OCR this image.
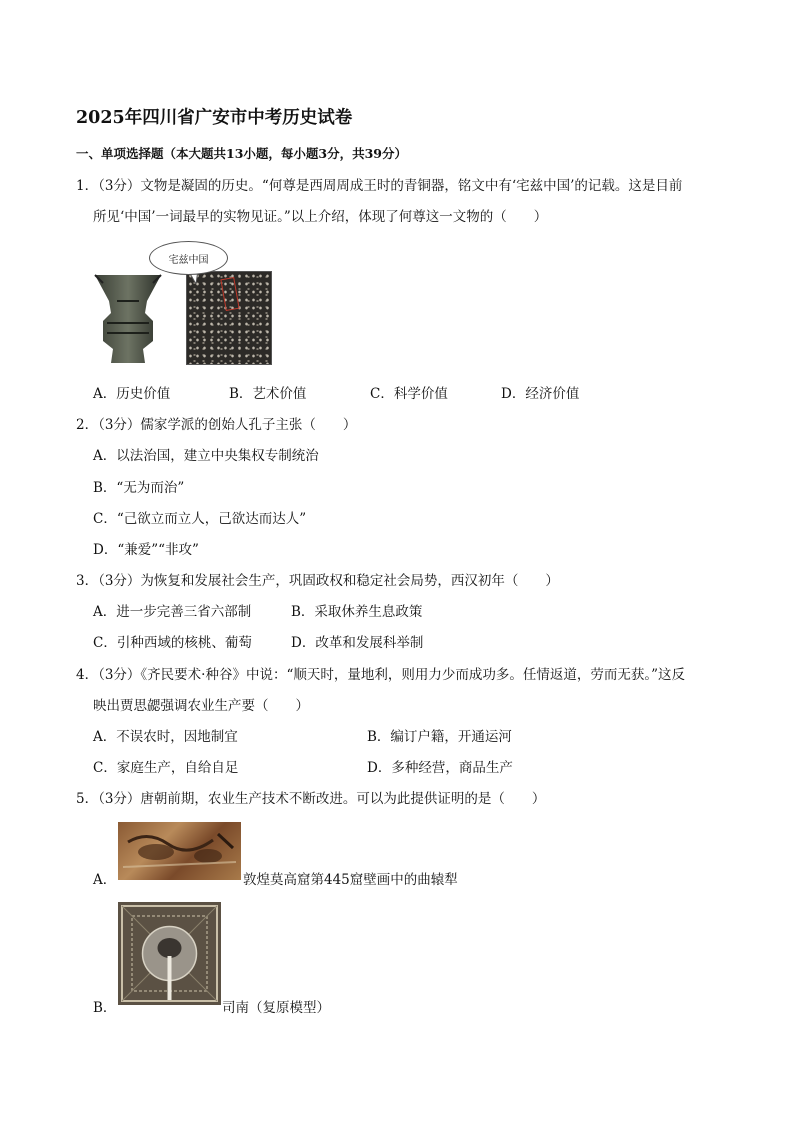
2025年四川省广安市中考历史试卷
一、单项选择题（本大题共13小题，每小题3分，共39分）
1．（3分）文物是凝固的历史。“何尊是西周周成王时的青铜器，铭文中有‘宅兹中国’的记载。这是目前
所见‘中国’一词最早的实物见证。”以上介绍，体现了何尊这一文物的（　　）
宅兹中国
A．历史价值	B．艺术价值	C．科学价值	D．经济价值
2．（3分）儒家学派的创始人孔子主张（　　）
A．以法治国，建立中央集权专制统治
B．“无为而治”
C．“己欲立而立人，己欲达而达人”
D．“兼爱”“非攻”
3．（3分）为恢复和发展社会生产，巩固政权和稳定社会局势，西汉初年（　　）
A．进一步完善三省六部制	B．采取休养生息政策
C．引种西域的核桃、葡萄	D．改革和发展科举制
4．（3分）《齐民要术·种谷》中说：“顺天时，量地利，则用力少而成功多。任情返道，劳而无获。”这反
映出贾思勰强调农业生产要（　　）
A．不误农时，因地制宜	B．编订户籍，开通运河
C．家庭生产，自给自足	D．多种经营，商品生产
5．（3分）唐朝前期，农业生产技术不断改进。可以为此提供证明的是（　　）
A．	敦煌莫高窟第445窟壁画中的曲辕犁
B．	司南（复原模型）
